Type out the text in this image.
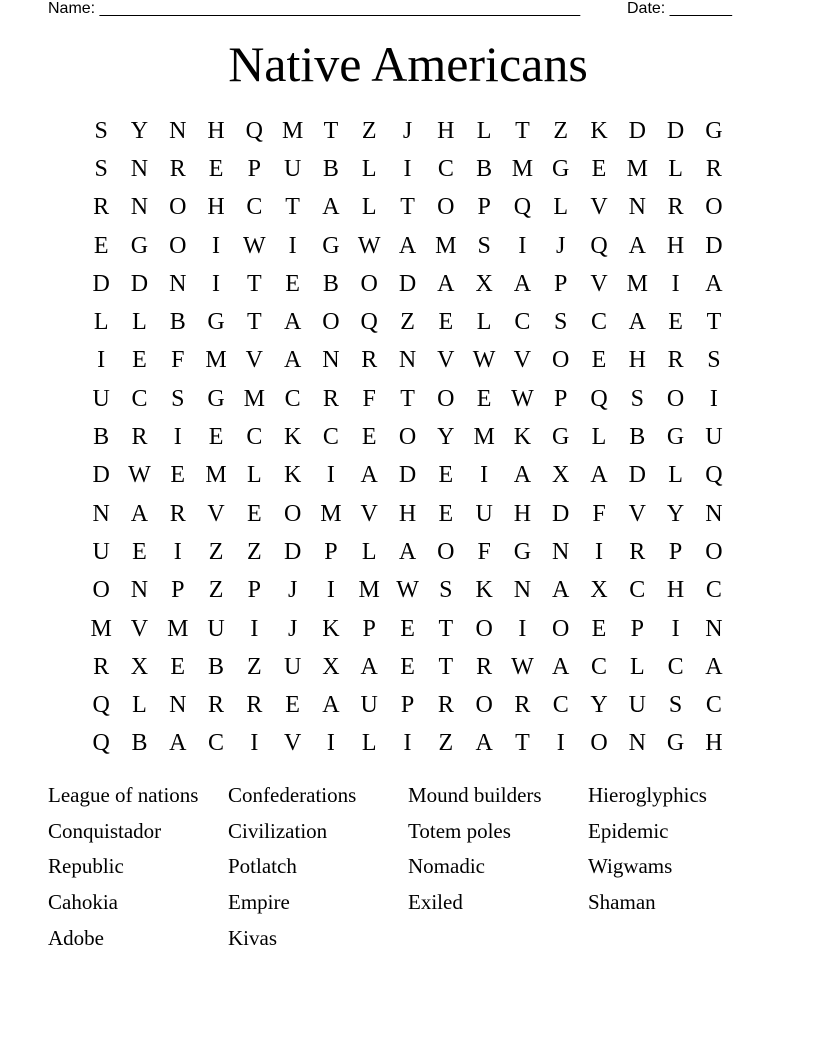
Name: ______________________________________________________	Date: _______
Native Americans
S Y N H Q M T Z	J	H L T Z K D D G
S N R E	P U B L	I	C B M G E M L R
R N O H C T A L T O P Q L V N R O
E G O	I W I	G W A M S	I	J	Q A H D
D D N	I	T E B O D A X A P V M I	A
L L B G T A O Q Z E L C S C A E T
I	E	F M V A N R N V W V O E H R S
U C S G M C R F	T O E W P Q S O	I
B R	I	E C K C E O Y M K G L B G U
D W E M L K	I	A D E	I	A X A D L Q
N A R V E O M V H E U H D F V Y N
U E	I	Z Z D P	L A O F G N	I	R P O
O N P	Z	P	J	I M W S K N A X C H C
M V M U	I	J	K P	E T O	I	O E	P	I	N
R X E B Z U X A E T R W A C L C A
Q L N R R E A U P R O R C Y U S C
Q B A C	I	V	I	L	I	Z A T	I	O N G H
League of nations	Confederations	Mound builders	Hieroglyphics
Conquistador	Civilization	Totem poles	Epidemic
Republic	Potlatch	Nomadic	Wigwams
Cahokia	Empire	Exiled	Shaman
Adobe	Kivas
